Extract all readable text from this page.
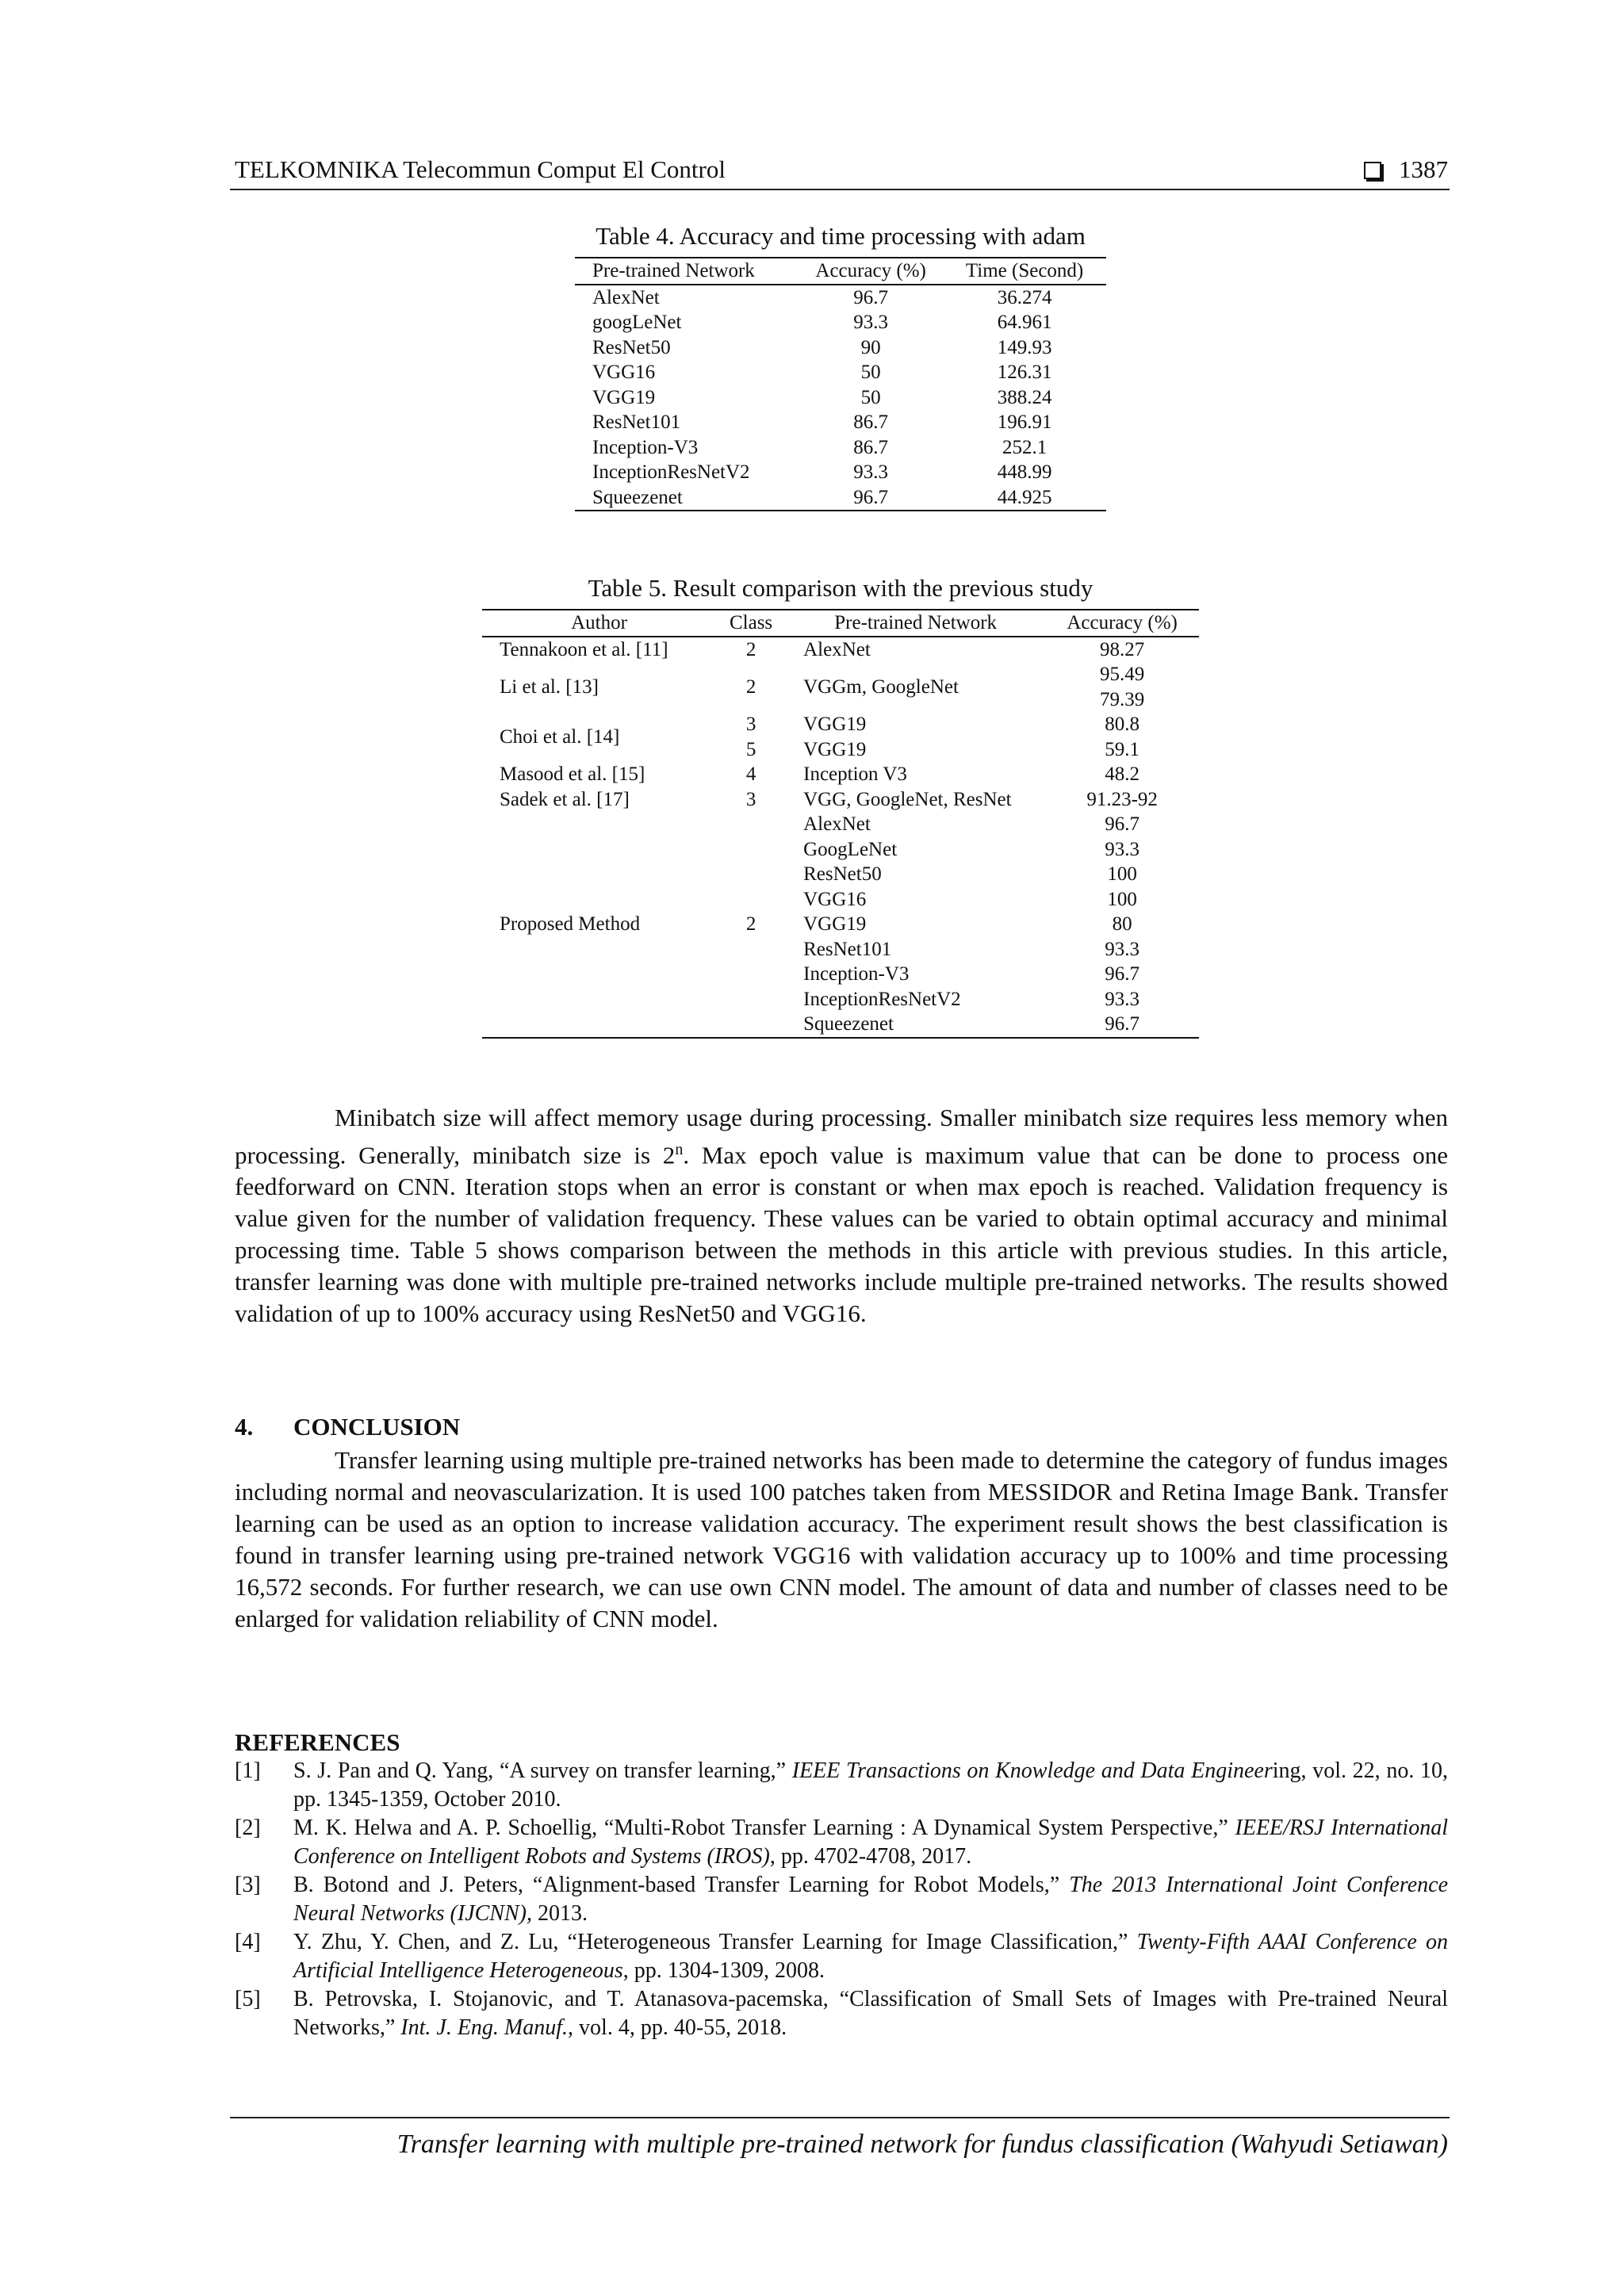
TELKOMNIKA Telecommun Comput El Control	1387
Table 4. Accuracy and time processing with adam
Pre-trained Network	Accuracy (%)	Time (Second)
AlexNet	96.7	36.274
googLeNet	93.3	64.961
ResNet50	90	149.93
VGG16	50	126.31
VGG19	50	388.24
ResNet101	86.7	196.91
Inception-V3	86.7	252.1
InceptionResNetV2	93.3	448.99
Squeezenet	96.7	44.925
Table 5. Result comparison with the previous study
Author	Class	Pre-trained Network	Accuracy (%)
Tennakoon et al. [11]	2	AlexNet	98.27
Li et al. [13]	2	VGGm, GoogleNet	95.49
			79.39
Choi et al. [14]	3	VGG19	80.8
	5	VGG19	59.1
Masood et al. [15]	4	Inception V3	48.2
Sadek et al. [17]	3	VGG, GoogleNet, ResNet	91.23-92
Proposed Method	2	AlexNet	96.7
		GoogLeNet	93.3
		ResNet50	100
		VGG16	100
		VGG19	80
		ResNet101	93.3
		Inception-V3	96.7
		InceptionResNetV2	93.3
		Squeezenet	96.7
Minibatch size will affect memory usage during processing. Smaller minibatch size requires less memory when processing. Generally, minibatch size is 2$^n$. Max epoch value is maximum value that can be done to process one feedforward on CNN. Iteration stops when an error is constant or when max epoch is reached. Validation frequency is value given for the number of validation frequency. These values can be varied to obtain optimal accuracy and minimal processing time. Table 5 shows comparison between the methods in this article with previous studies. In this article, transfer learning was done with multiple pre-trained networks include multiple pre-trained networks. The results showed validation of up to 100% accuracy using ResNet50 and VGG16.
4. CONCLUSION
Transfer learning using multiple pre-trained networks has been made to determine the category of fundus images including normal and neovascularization. It is used 100 patches taken from MESSIDOR and Retina Image Bank. Transfer learning can be used as an option to increase validation accuracy. The experiment result shows the best classification is found in transfer learning using pre-trained network VGG16 with validation accuracy up to 100% and time processing 16,572 seconds. For further research, we can use own CNN model. The amount of data and number of classes need to be enlarged for validation reliability of CNN model.
REFERENCES
[1] S. J. Pan and Q. Yang, “A survey on transfer learning,” IEEE Transactions on Knowledge and Data Engineering, vol. 22, no. 10, pp. 1345-1359, October 2010.
[2] M. K. Helwa and A. P. Schoellig, “Multi-Robot Transfer Learning : A Dynamical System Perspective,” IEEE/RSJ International Conference on Intelligent Robots and Systems (IROS), pp. 4702-4708, 2017.
[3] B. Botond and J. Peters, “Alignment-based Transfer Learning for Robot Models,” The 2013 International Joint Conference Neural Networks (IJCNN), 2013.
[4] Y. Zhu, Y. Chen, and Z. Lu, “Heterogeneous Transfer Learning for Image Classification,” Twenty-Fifth AAAI Conference on Artificial Intelligence Heterogeneous, pp. 1304-1309, 2008.
[5] B. Petrovska, I. Stojanovic, and T. Atanasova-pacemska, “Classification of Small Sets of Images with Pre-trained Neural Networks,” Int. J. Eng. Manuf., vol. 4, pp. 40-55, 2018.
Transfer learning with multiple pre-trained network for fundus classification (Wahyudi Setiawan)
